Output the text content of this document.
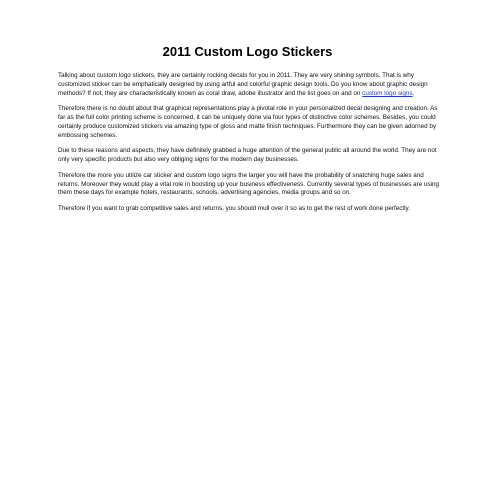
2011 Custom Logo Stickers

Talking about custom logo stickers, they are certainly rocking decals for you in 2011. They are very shining symbols. That is why customized sticker can be emphatically designed by using artful and colorful graphic design tools. Do you know about graphic design methods? If not, they are characteristically known as coral draw, adobe illustrator and the list goes on and on custom logo signs.

Therefore there is no doubt about that graphical representations play a pivotal role in your personalized decal designing and creation. As far as the full color printing scheme is concerned, it can be uniquely done via four types of distinctive color schemes. Besides, you could certainly produce customized stickers via amazing type of gloss and matte finish techniques. Furthermore they can be given adorned by embossing schemes.

Due to these reasons and aspects, they have definitely grabbed a huge attention of the general public all around the world. They are not only very specific products but also very obliging signs for the modern day businesses.

Therefore the more you utilize car sticker and custom logo signs the larger you will have the probability of snatching huge sales and returns. Moreover they would play a vital role in boosting up your business effectiveness. Currently several types of businesses are using them these days for example hotels, restaurants, schools, advertising agencies, media groups and so on.

Therefore if you want to grab competitive sales and returns, you should mull over it so as to get the rest of work done perfectly.
